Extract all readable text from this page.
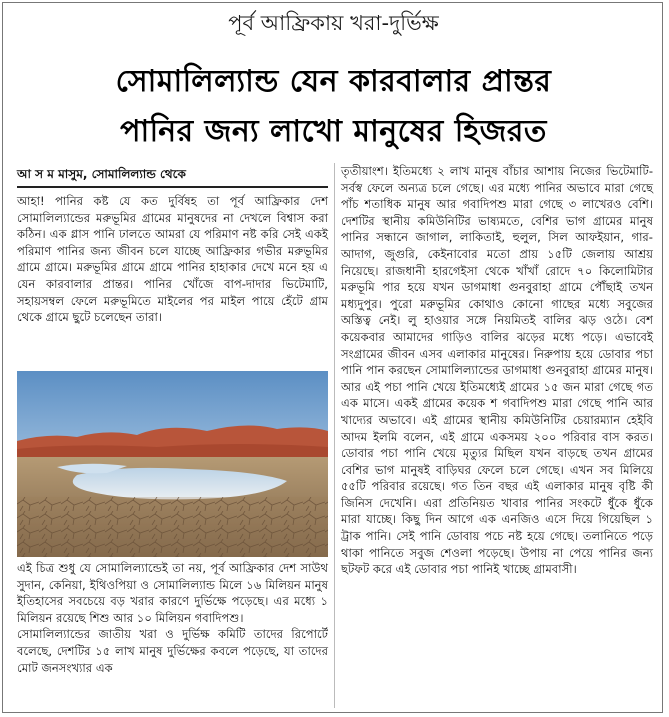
পূর্ব আফ্রিকায় খরা-দুর্ভিক্ষ
সোমালিল্যান্ড যেন কারবালার প্রান্তর
পানির জন্য লাখো মানুষের হিজরত
আ স ম মাসুম, সোমালিল্যান্ড থেকে

আহা! পানির কষ্ট যে কত দুর্বিষহ তা পূর্ব আফ্রিকার দেশ সোমালিল্যান্ডের মরুভূমির গ্রামের মানুষদের না দেখলে বিশ্বাস করা কঠিন। এক গ্লাস পানি ঢালতে আমরা যে পরিমাণ নষ্ট করি সেই একই পরিমাণ পানির জন্য জীবন চলে যাচ্ছে আফ্রিকার গভীর মরুভূমির গ্রামে গ্রামে। মরুভূমির গ্রামে গ্রামে পানির হাহাকার দেখে মনে হয় এ যেন কারবালার প্রান্তর। পানির খোঁজে বাপ-দাদার ভিটেমাটি, সহায়সম্বল ফেলে মরুভূমিতে মাইলের পর মাইল পায়ে হেঁটে গ্রাম থেকে গ্রামে ছুটে চলেছেন তারা।

এই চিত্র শুধু যে সোমালিল্যান্ডেই তা নয়, পূর্ব আফ্রিকার দেশ সাউথ সুদান, কেনিয়া, ইথিওপিয়া ও সোমালিল্যান্ড মিলে ১৬ মিলিয়ন মানুষ ইতিহাসের সবচেয়ে বড় খরার কারণে দুর্ভিক্ষে পড়েছে। এর মধ্যে ১ মিলিয়ন রয়েছে শিশু আর ১০ মিলিয়ন গবাদিপশু।

সোমালিল্যান্ডের জাতীয় খরা ও দুর্ভিক্ষ কমিটি তাদের রিপোর্টে বলেছে, দেশটির ১৫ লাখ মানুষ দুর্ভিক্ষের কবলে পড়েছে, যা তাদের মোট জনসংখ্যার এক

তৃতীয়াংশ। ইতিমধ্যে ২ লাখ মানুষ বাঁচার আশায় নিজের ভিটেমাটি-সর্বস্ব ফেলে অন্যত্র চলে গেছে। এর মধ্যে পানির অভাবে মারা গেছে পাঁচ শতাধিক মানুষ আর গবাদিপশু মারা গেছে ৩ লাখেরও বেশি। দেশটির স্থানীয় কমিউনিটির ভাষ্যমতে, বেশির ভাগ গ্রামের মানুষ পানির সন্ধানে জাগাল, লাকিতাই, হুলুল, সিল আফইয়ান, গার-আদাগ, জুগুরি, কেইনাবোর মতো প্রায় ১৫টি জেলায় আশ্রয় নিয়েছে। রাজধানী হারগেইসা থেকে খাঁখাঁ রোদে ৭০ কিলোমিটার মরুভূমি পার হয়ে যখন ডাগমাধা গুনবুরাহা গ্রামে পৌঁছাই তখন মধ্যদুপুর। পুরো মরুভূমির কোথাও কোনো গাছের মধ্যে সবুজের অস্তিত্ব নেই। লু হাওয়ার সঙ্গে নিয়মিতই বালির ঝড় ওঠে। বেশ কয়েকবার আমাদের গাড়িও বালির ঝড়ের মধ্যে পড়ে। এভাবেই সংগ্রামের জীবন এসব এলাকার মানুষের। নিরুপায় হয়ে ডোবার পচা পানি পান করছেন সোমালিল্যান্ডের ডাগমাধা গুনবুরাহা গ্রামের মানুষ। আর এই পচা পানি খেয়ে ইতিমধ্যেই গ্রামের ১৫ জন মারা গেছে গত এক মাসে। একই গ্রামের কয়েক শ গবাদিপশু মারা গেছে পানি আর খাদ্যের অভাবে। এই গ্রামের স্থানীয় কমিউনিটির চেয়ারম্যান হেইবি আদম ইলমি বলেন, এই গ্রামে একসময় ২০০ পরিবার বাস করত। ডোবার পচা পানি খেয়ে মৃত্যুর মিছিল যখন বাড়ছে তখন গ্রামের বেশির ভাগ মানুষই বাড়িঘর ফেলে চলে গেছে। এখন সব মিলিয়ে ৫৫টি পরিবার রয়েছে। গত তিন বছর এই এলাকার মানুষ বৃষ্টি কী জিনিস দেখেনি। এরা প্রতিনিয়ত খাবার পানির সংকটে ধুঁকে ধুঁকে মারা যাচ্ছে। কিছু দিন আগে এক এনজিও এসে দিয়ে গিয়েছিল ১ ট্রাক পানি। সেই পানি ডোবায় পচে নষ্ট হয়ে গেছে। তলানিতে পড়ে থাকা পানিতে সবুজ শেওলা পড়েছে। উপায় না পেয়ে পানির জন্য ছটফট করে এই ডোবার পচা পানিই খাচ্ছে গ্রামবাসী।
